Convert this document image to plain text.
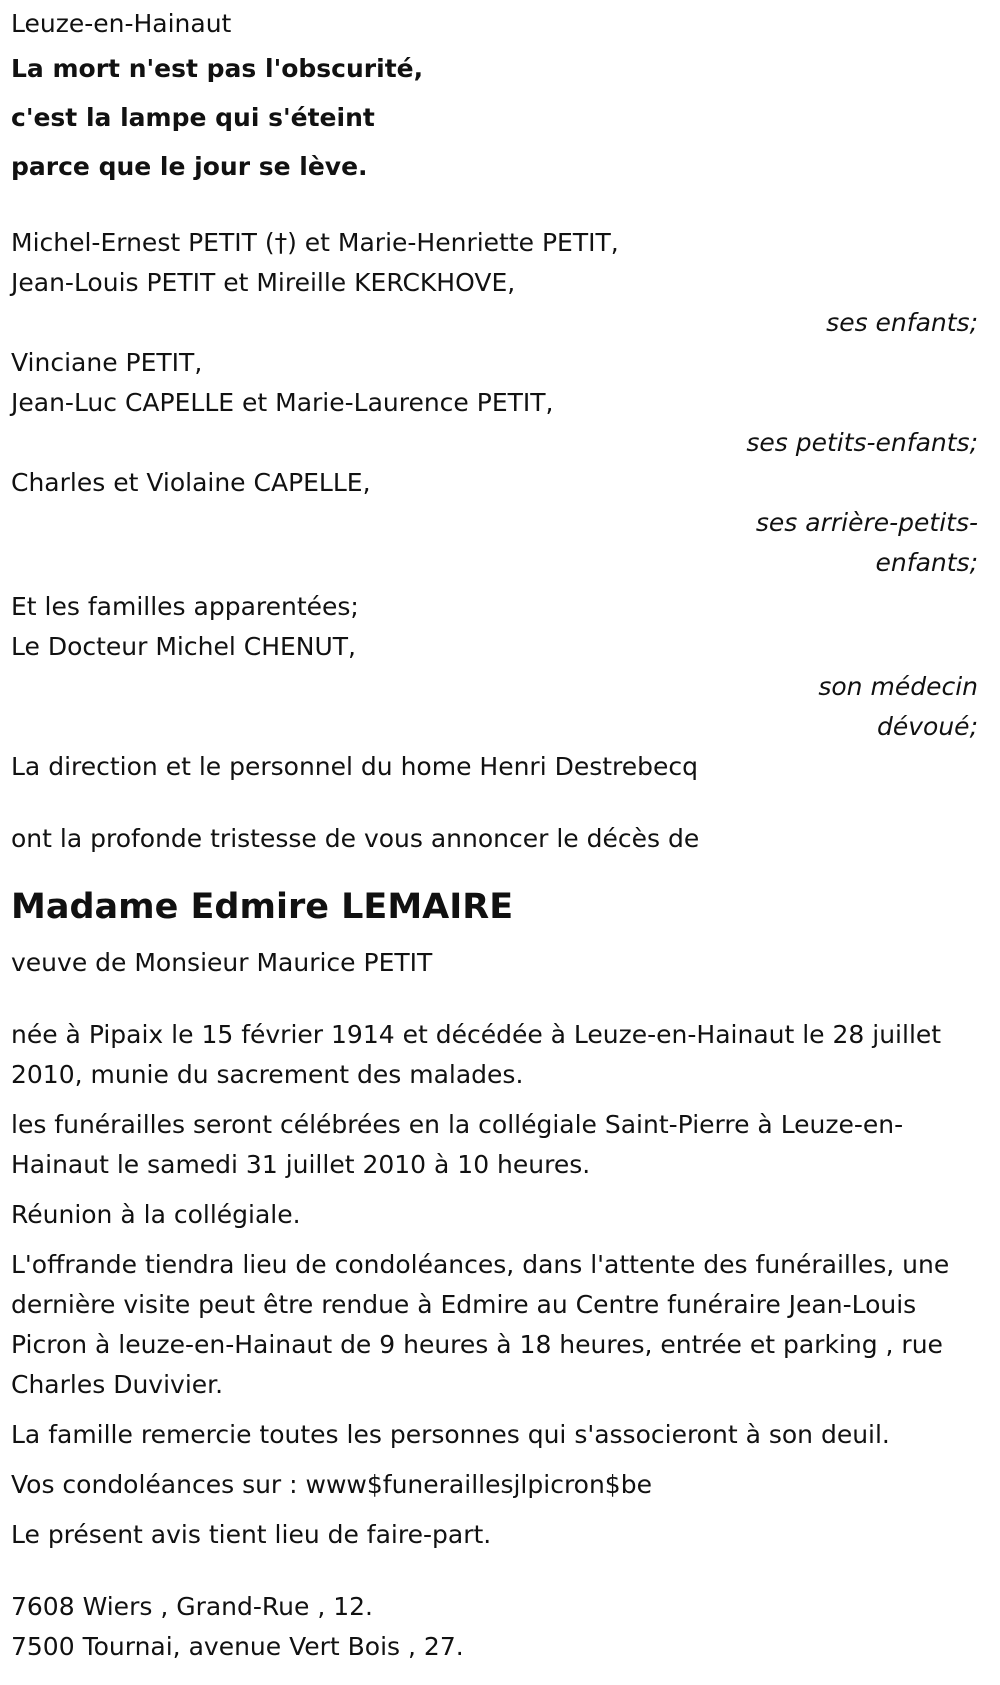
Leuze-en-Hainaut
La mort n'est pas l'obscurité,
c'est la lampe qui s'éteint
parce que le jour se lève.
Michel-Ernest PETIT (†) et Marie-Henriette PETIT,
Jean-Louis PETIT et Mireille KERCKHOVE,
ses enfants;
Vinciane PETIT,
Jean-Luc CAPELLE et Marie-Laurence PETIT,
ses petits-enfants;
Charles et Violaine CAPELLE,
ses arrière-petits-
enfants;
Et les familles apparentées;
Le Docteur Michel CHENUT,
son médecin
dévoué;
La direction et le personnel du home Henri Destrebecq
ont la profonde tristesse de vous annoncer le décès de
Madame Edmire LEMAIRE
veuve de Monsieur Maurice PETIT
née à Pipaix le 15 février 1914 et décédée à Leuze-en-Hainaut le 28 juillet 2010, munie du sacrement des malades.
les funérailles seront célébrées en la collégiale Saint-Pierre à Leuze-en-Hainaut le samedi 31 juillet 2010 à 10 heures.
Réunion à la collégiale.
L'offrande tiendra lieu de condoléances, dans l'attente des funérailles, une dernière visite peut être rendue à Edmire au Centre funéraire Jean-Louis Picron à leuze-en-Hainaut de 9 heures à 18 heures, entrée et parking , rue Charles Duvivier.
La famille remercie toutes les personnes qui s'associeront à son deuil.
Vos condoléances sur : www$funeraillesjlpicron$be
Le présent avis tient lieu de faire-part.
7608 Wiers , Grand-Rue , 12.
7500 Tournai, avenue Vert Bois , 27.
